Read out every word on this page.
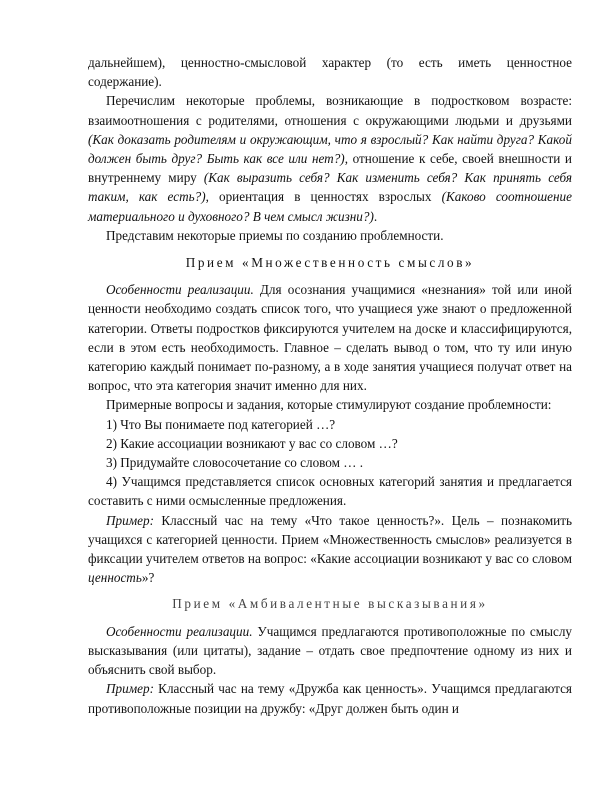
дальнейшем), ценностно-смысловой характер (то есть иметь ценностное содержание).

Перечислим некоторые проблемы, возникающие в подростковом возрасте: взаимоотношения с родителями, отношения с окружающими людьми и друзьями (Как доказать родителям и окружающим, что я взрослый? Как найти друга? Какой должен быть друг? Быть как все или нет?), отношение к себе, своей внешности и внутреннему миру (Как выразить себя? Как изменить себя? Как принять себя таким, как есть?), ориентация в ценностях взрослых (Каково соотношение материального и духовного? В чем смысл жизни?).

Представим некоторые приемы по созданию проблемности.

Прием «Множественность смыслов»

Особенности реализации. Для осознания учащимися «незнания» той или иной ценности необходимо создать список того, что учащиеся уже знают о предложенной категории. Ответы подростков фиксируются учителем на доске и классифицируются, если в этом есть необходимость. Главное – сделать вывод о том, что ту или иную категорию каждый понимает по-разному, а в ходе занятия учащиеся получат ответ на вопрос, что эта категория значит именно для них.

Примерные вопросы и задания, которые стимулируют создание проблемности:

1) Что Вы понимаете под категорией …?

2) Какие ассоциации возникают у вас со словом …?

3) Придумайте словосочетание со словом … .

4) Учащимся представляется список основных категорий занятия и предлагается составить с ними осмысленные предложения.

Пример: Классный час на тему «Что такое ценность?». Цель – познакомить учащихся с категорией ценности. Прием «Множественность смыслов» реализуется в фиксации учителем ответов на вопрос: «Какие ассоциации возникают у вас со словом ценность»?

Прием «Амбивалентные высказывания»

Особенности реализации. Учащимся предлагаются противоположные по смыслу высказывания (или цитаты), задание – отдать свое предпочтение одному из них и объяснить свой выбор.

Пример: Классный час на тему «Дружба как ценность». Учащимся предлагаются противоположные позиции на дружбу: «Друг должен быть один и
